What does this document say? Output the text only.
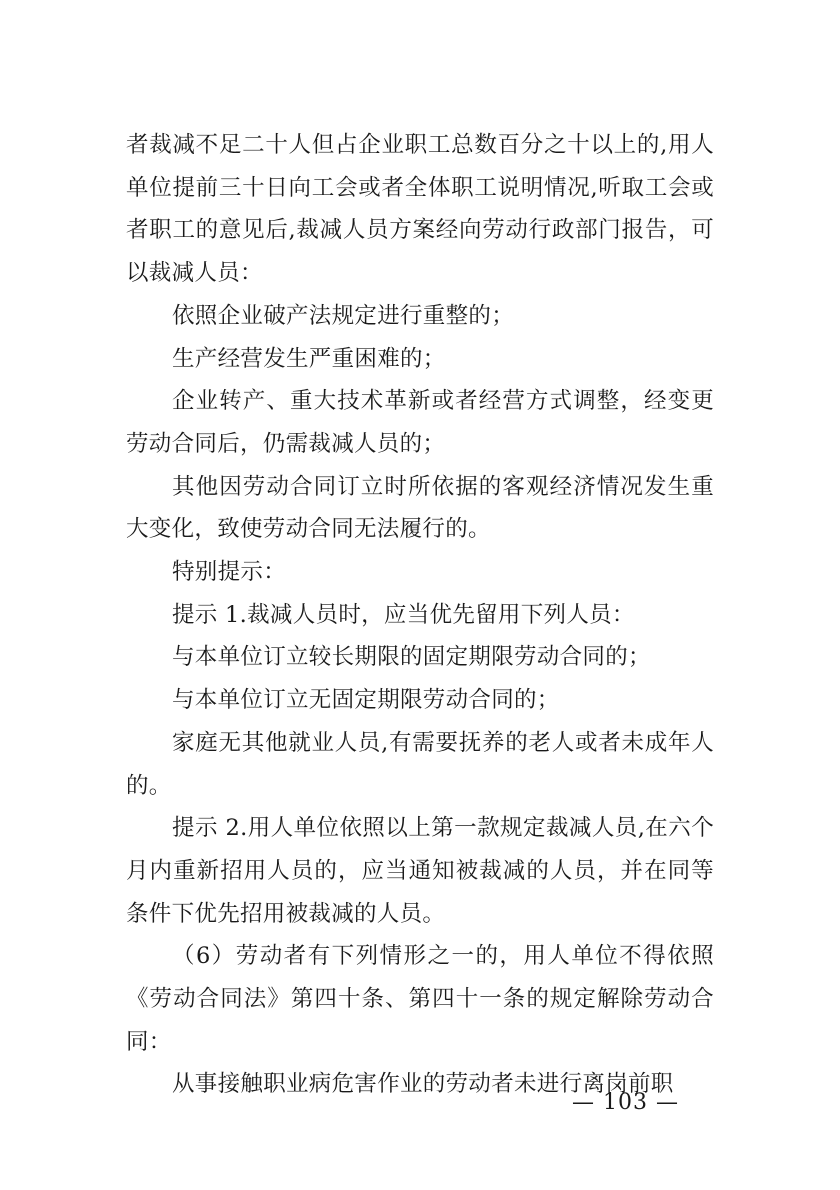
者裁减不足二十人但占企业职工总数百分之十以上的,用人单位提前三十日向工会或者全体职工说明情况,听取工会或者职工的意见后,裁减人员方案经向劳动行政部门报告，可以裁减人员：

依照企业破产法规定进行重整的；

生产经营发生严重困难的；

企业转产、重大技术革新或者经营方式调整，经变更劳动合同后，仍需裁减人员的；

其他因劳动合同订立时所依据的客观经济情况发生重大变化，致使劳动合同无法履行的。

特别提示：

提示 1.裁减人员时，应当优先留用下列人员：

与本单位订立较长期限的固定期限劳动合同的；

与本单位订立无固定期限劳动合同的；

家庭无其他就业人员,有需要抚养的老人或者未成年人的。

提示 2.用人单位依照以上第一款规定裁减人员,在六个月内重新招用人员的，应当通知被裁减的人员，并在同等条件下优先招用被裁减的人员。

（6）劳动者有下列情形之一的，用人单位不得依照《劳动合同法》第四十条、第四十一条的规定解除劳动合同：

从事接触职业病危害作业的劳动者未进行离岗前职

— 103 —
